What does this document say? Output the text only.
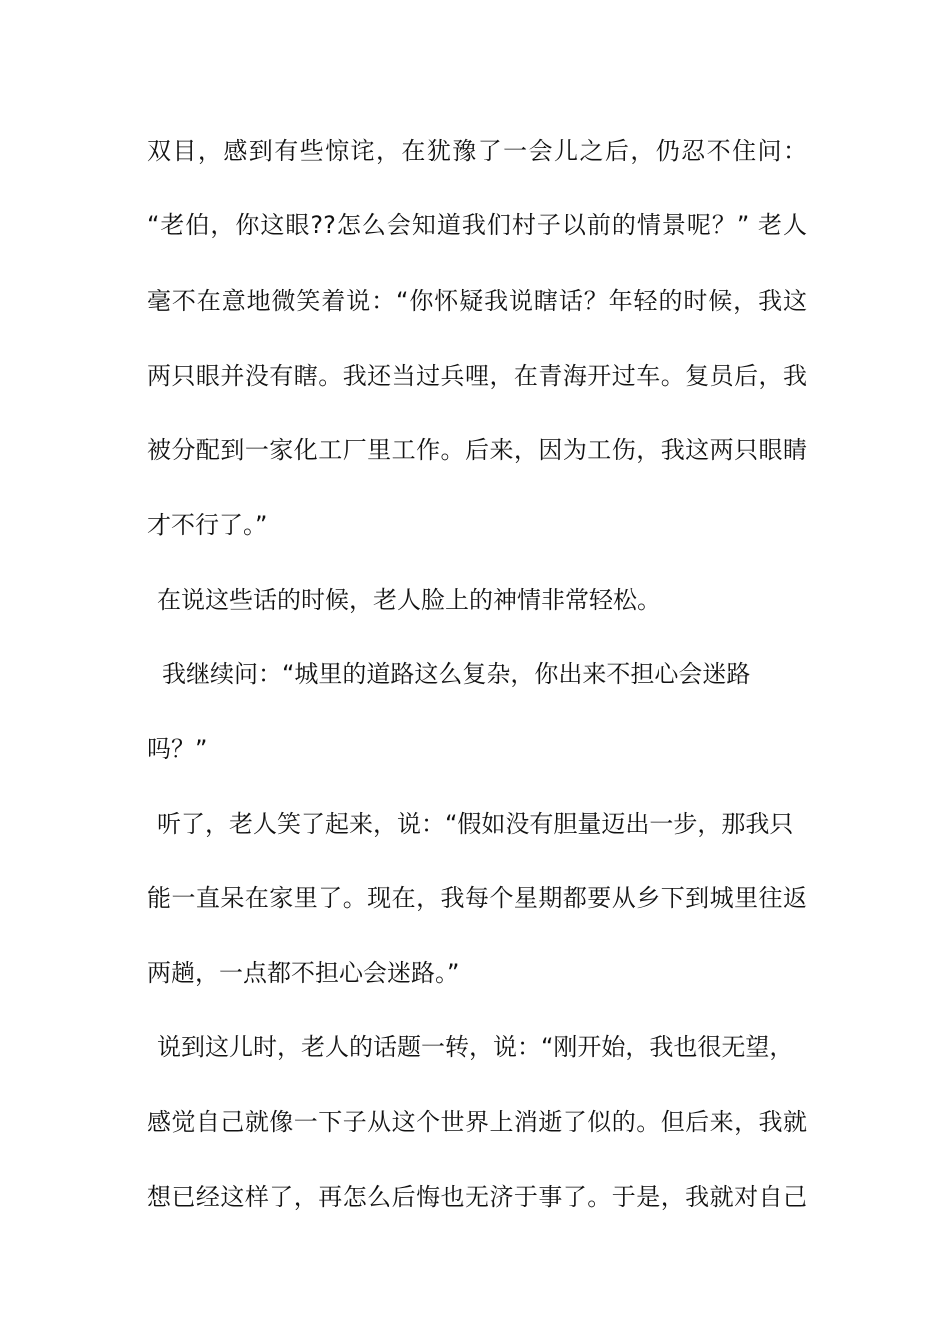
双目，感到有些惊诧，在犹豫了一会儿之后，仍忍不住问：

“老伯，你这眼??怎么会知道我们村子以前的情景呢？” 老人

毫不在意地微笑着说：“你怀疑我说瞎话？年轻的时候，我这

两只眼并没有瞎。我还当过兵哩，在青海开过车。复员后，我

被分配到一家化工厂里工作。后来，因为工伤，我这两只眼睛

才不行了。”

在说这些话的时候，老人脸上的神情非常轻松。

我继续问：“城里的道路这么复杂，你出来不担心会迷路

吗？”

听了，老人笑了起来，说：“假如没有胆量迈出一步，那我只

能一直呆在家里了。现在，我每个星期都要从乡下到城里往返

两趟，一点都不担心会迷路。”

说到这儿时，老人的话题一转，说：“刚开始，我也很无望，

感觉自己就像一下子从这个世界上消逝了似的。但后来，我就

想已经这样了，再怎么后悔也无济于事了。于是，我就对自己
